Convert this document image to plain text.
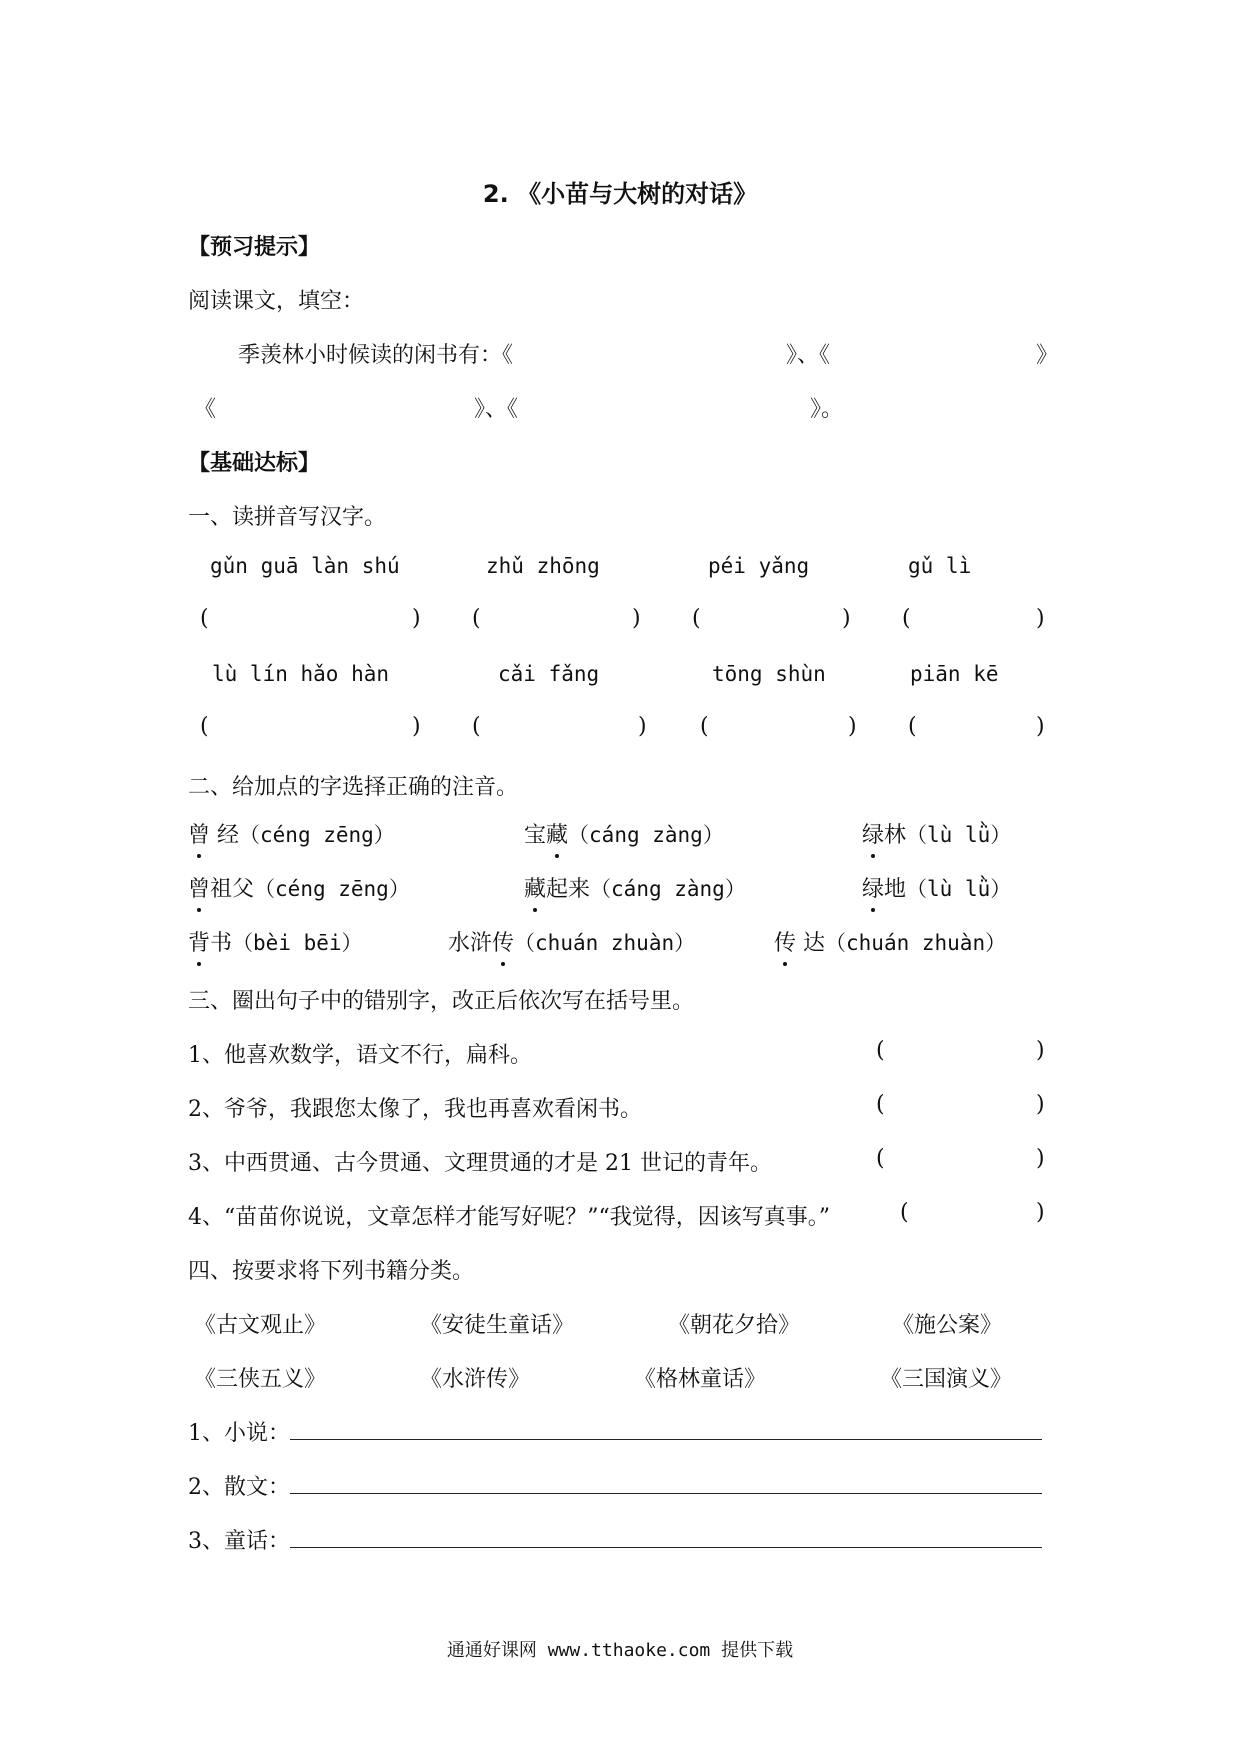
2. 《小苗与大树的对话》
【预习提示】
阅读课文，填空：
季羡林小时候读的闲书有：《	》、《	》
《	》、《	》。
【基础达标】
一、读拼音写汉字。
gǔn guā làn shú	zhǔ zhōng	péi yǎng	gǔ lì
(	) (	) (	) (	)
lù lín hǎo hàn	cǎi fǎng	tōng shùn	piān kē
(	) (	) (	) (	)
二、给加点的字选择正确的注音。
曾 经（céng zēng）	宝藏（cáng zàng）	绿林（lù lǜ）
曾祖父（céng zēng）	藏起来（cáng zàng）	绿地（lù lǜ）
背书（bèi bēi）	水浒传（chuán zhuàn）	传 达（chuán zhuàn）
三、圈出句子中的错别字，改正后依次写在括号里。
1、他喜欢数学，语文不行，扁科。	(	)
2、爷爷，我跟您太像了，我也再喜欢看闲书。	(	)
3、中西贯通、古今贯通、文理贯通的才是 21 世记的青年。	(	)
4、“苗苗你说说，文章怎样才能写好呢？”“我觉得，因该写真事。”	(	)
四、按要求将下列书籍分类。
《古文观止》	《安徒生童话》	《朝花夕拾》	《施公案》
《三侠五义》	《水浒传》	《格林童话》	《三国演义》
1、小说：
2、散文：
3、童话：
通通好课网 www.tthaoke.com 提供下载
